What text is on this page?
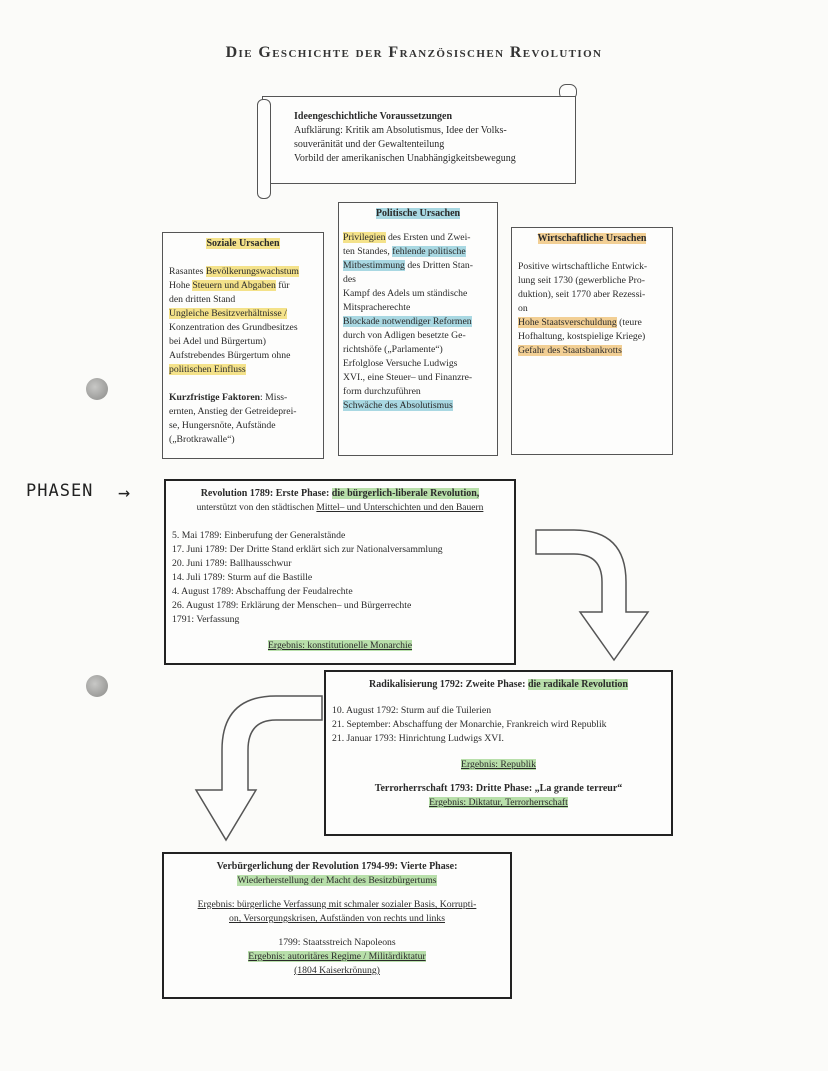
Die Geschichte der Französischen Revolution
Ideengeschichtliche Voraussetzungen
Aufklärung: Kritik am Absolutismus, Idee der Volks-
souveränität und der Gewaltenteilung
Vorbild der amerikanischen Unabhängigkeitsbewegung
Soziale Ursachen
Rasantes Bevölkerungswachstum
Hohe Steuern und Abgaben für
den dritten Stand
Ungleiche Besitzverhältnisse /
Konzentration des Grundbesitzes
bei Adel und Bürgertum)
Aufstrebendes Bürgertum ohne
politischen Einfluss
Kurzfristige Faktoren: Miss-
ernten, Anstieg der Getreideprei-
se, Hungersnöte, Aufstände
(„Brotkrawalle“)
Politische Ursachen
Privilegien des Ersten und Zwei-
ten Standes, fehlende politische
Mitbestimmung des Dritten Stan-
des
Kampf des Adels um ständische
Mitspracherechte
Blockade notwendiger Reformen
durch von Adligen besetzte Ge-
richtshöfe („Parlamente“)
Erfolglose Versuche Ludwigs
XVI., eine Steuer– und Finanzre-
form durchzuführen
Schwäche des Absolutismus
Wirtschaftliche Ursachen
Positive wirtschaftliche Entwick-
lung seit 1730 (gewerbliche Pro-
duktion), seit 1770 aber Rezessi-
on
Hohe Staatsverschuldung (teure
Hofhaltung, kostspielige Kriege)
Gefahr des Staatsbankrotts
PHASEN →	Revolution 1789: Erste Phase: die bürgerlich-liberale Revolution,
unterstützt von den städtischen Mittel– und Unterschichten und den Bauern
5. Mai 1789: Einberufung der Generalstände
17. Juni 1789: Der Dritte Stand erklärt sich zur Nationalversammlung
20. Juni 1789: Ballhausschwur
14. Juli 1789: Sturm auf die Bastille
4. August 1789: Abschaffung der Feudalrechte
26. August 1789: Erklärung der Menschen– und Bürgerrechte
1791: Verfassung
Ergebnis: konstitutionelle Monarchie
Radikalisierung 1792: Zweite Phase: die radikale Revolution
10. August 1792: Sturm auf die Tuilerien
21. September: Abschaffung der Monarchie, Frankreich wird Republik
21. Januar 1793: Hinrichtung Ludwigs XVI.
Ergebnis: Republik
Terrorherrschaft 1793: Dritte Phase: „La grande terreur“
Ergebnis: Diktatur, Terrorherrschaft
Verbürgerlichung der Revolution 1794-99: Vierte Phase:
Wiederherstellung der Macht des Besitzbürgertums
Ergebnis: bürgerliche Verfassung mit schmaler sozialer Basis, Korrupti-
on, Versorgungskrisen, Aufständen von rechts und links
1799: Staatsstreich Napoleons
Ergebnis: autoritäres Regime / Militärdiktatur
(1804 Kaiserkrönung)
